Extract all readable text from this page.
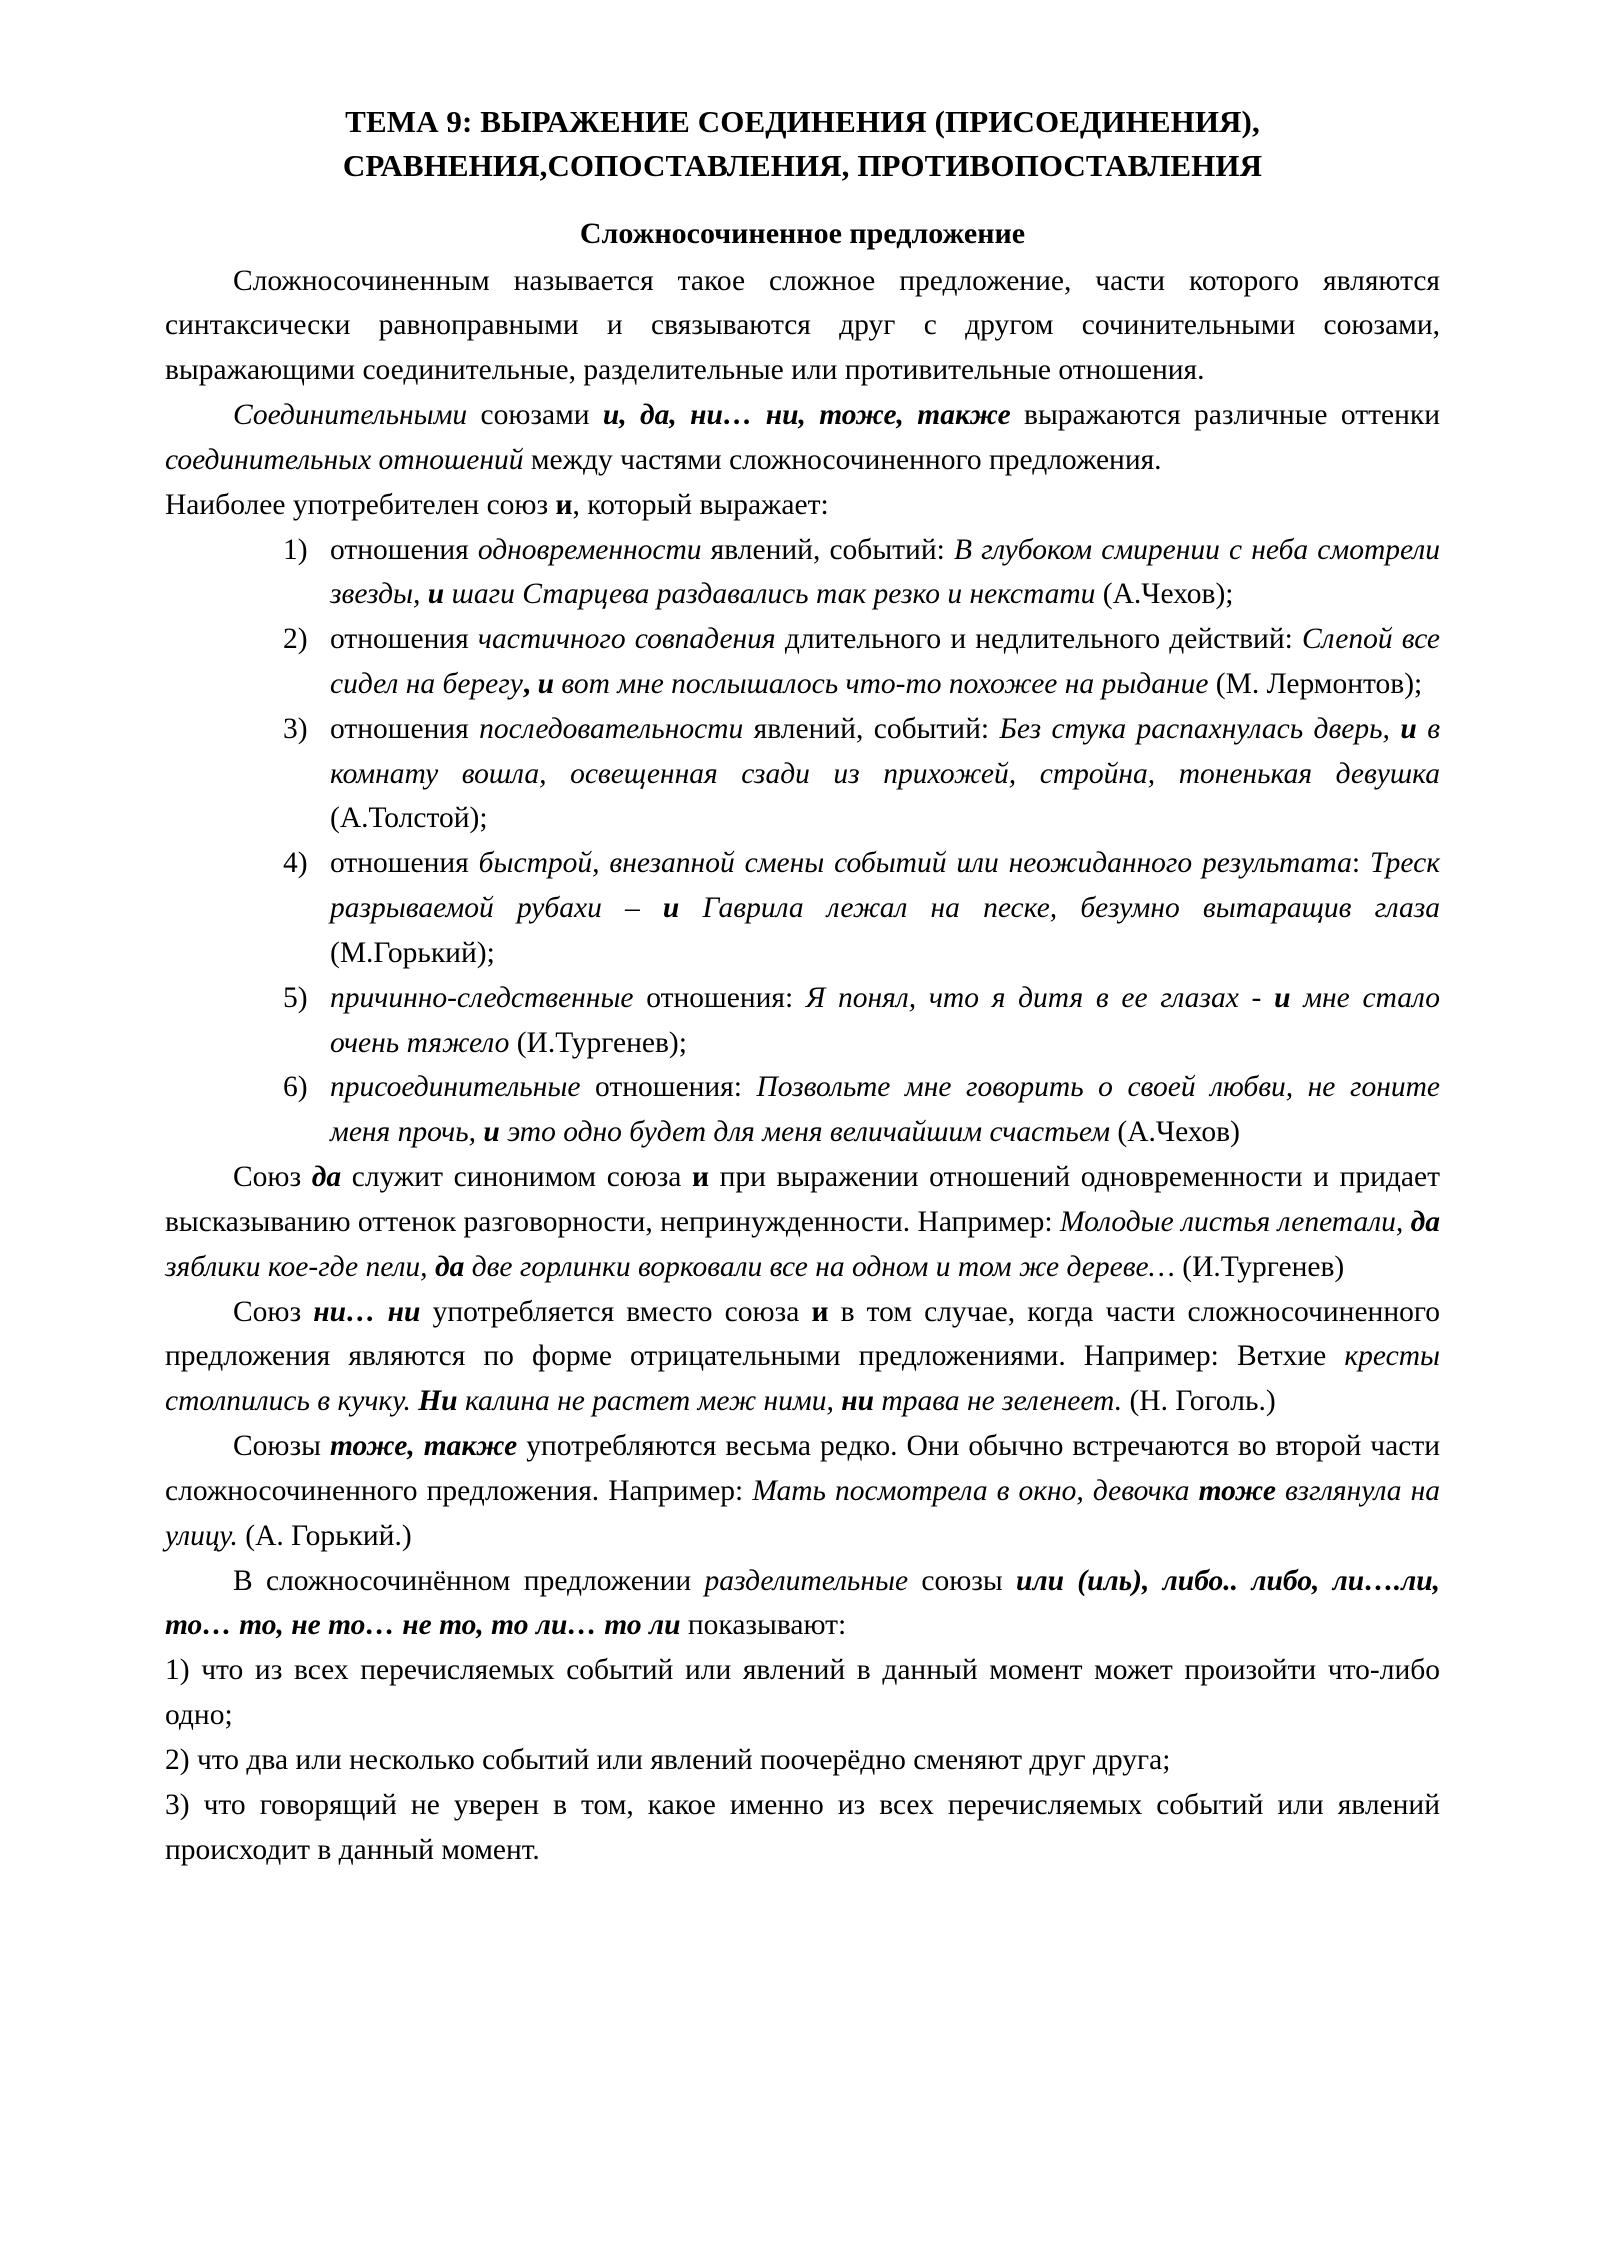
ТЕМА 9: ВЫРАЖЕНИЕ СОЕДИНЕНИЯ (ПРИСОЕДИНЕНИЯ),
СРАВНЕНИЯ,СОПОСТАВЛЕНИЯ, ПРОТИВОПОСТАВЛЕНИЯ
Сложносочиненное предложение

Сложносочиненным называется такое сложное предложение, части которого являются синтаксически равноправными и связываются друг с другом сочинительными союзами, выражающими соединительные, разделительные или противительные отношения.

Соединительными союзами и, да, ни… ни, тоже, также выражаются различные оттенки соединительных отношений между частями сложносочиненного предложения.

Наиболее употребителен союз и, который выражает:

отношения одновременности явлений, событий: В глубоком смирении с неба смотрели звезды, и шаги Старцева раздавались так резко и некстати (А.Чехов);
отношения частичного совпадения длительного и недлительного действий: Слепой все сидел на берегу, и вот мне послышалось что-то похожее на рыдание (М. Лермонтов);
отношения последовательности явлений, событий: Без стука распахнулась дверь, и в комнату вошла, освещенная сзади из прихожей, стройна, тоненькая девушка (А.Толстой);
отношения быстрой, внезапной смены событий или неожиданного результата: Треск разрываемой рубахи – и Гаврила лежал на песке, безумно вытаращив глаза (М.Горький);
причинно-следственные отношения: Я понял, что я дитя в ее глазах - и мне стало очень тяжело (И.Тургенев);
присоединительные отношения: Позвольте мне говорить о своей любви, не гоните меня прочь, и это одно будет для меня величайшим счастьем (А.Чехов)

Союз да служит синонимом союза и при выражении отношений одновременности и придает высказыванию оттенок разговорности, непринужденности. Например: Молодые листья лепетали, да зяблики кое-где пели, да две горлинки ворковали все на одном и том же дереве… (И.Тургенев)

Союз ни… ни употребляется вместо союза и в том случае, когда части сложносочиненного предложения являются по форме отрицательными предложениями. Например: Ветхие кресты столпились в кучку. Ни калина не растет меж ними, ни трава не зеленеет. (Н. Гоголь.)

Союзы тоже, также употребляются весьма редко. Они обычно встречаются во второй части сложносочиненного предложения. Например: Мать посмотрела в окно, девочка тоже взглянула на улицу. (А. Горький.)

В сложносочинённом предложении разделительные союзы или (иль), либо.. либо, ли….ли, то… то, не то… не то, то ли… то ли показывают:

1) что из всех перечисляемых событий или явлений в данный момент может произойти что-либо одно;

2) что два или несколько событий или явлений поочерёдно сменяют друг друга;

3) что говорящий не уверен в том, какое именно из всех перечисляемых событий или явлений происходит в данный момент.
